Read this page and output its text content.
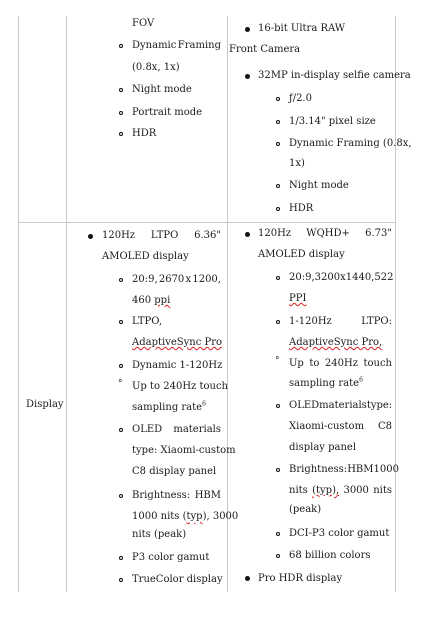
FOV
Dynamic Framing
(0.8x, 1x)
Night mode
Portrait mode
HDR
16-bit Ultra RAW
Front Camera
32MP in-display selfie camera
ƒ/2.0
1/3.14" pixel size
Dynamic Framing (0.8x,
1x)
Night mode
HDR
Display
120Hz LTPO 6.36"
AMOLED display
20:9, 2670 x 1200,
460 ppi
LTPO,
AdaptiveSync Pro
Dynamic 1-120Hz
° Up to 240Hz touch
sampling rate$^6$
OLED materials
type: Xiaomi-custom
C8 display panel
Brightness: HBM
1000 nits (typ), 3000
nits (peak)
P3 color gamut
TrueColor display
120Hz WQHD+ 6.73"
AMOLED display
20:9, 3200 x 1440, 522
PPI
1-120Hz	LTPO:
AdaptiveSync Pro,
° Up to 240Hz touch
sampling rate$^6$
OLED materials type:
Xiaomi-custom C8
display panel
Brightness: HBM 1000
nits (typ), 3000 nits
(peak)
DCI-P3 color gamut
68 billion colors
Pro HDR display
